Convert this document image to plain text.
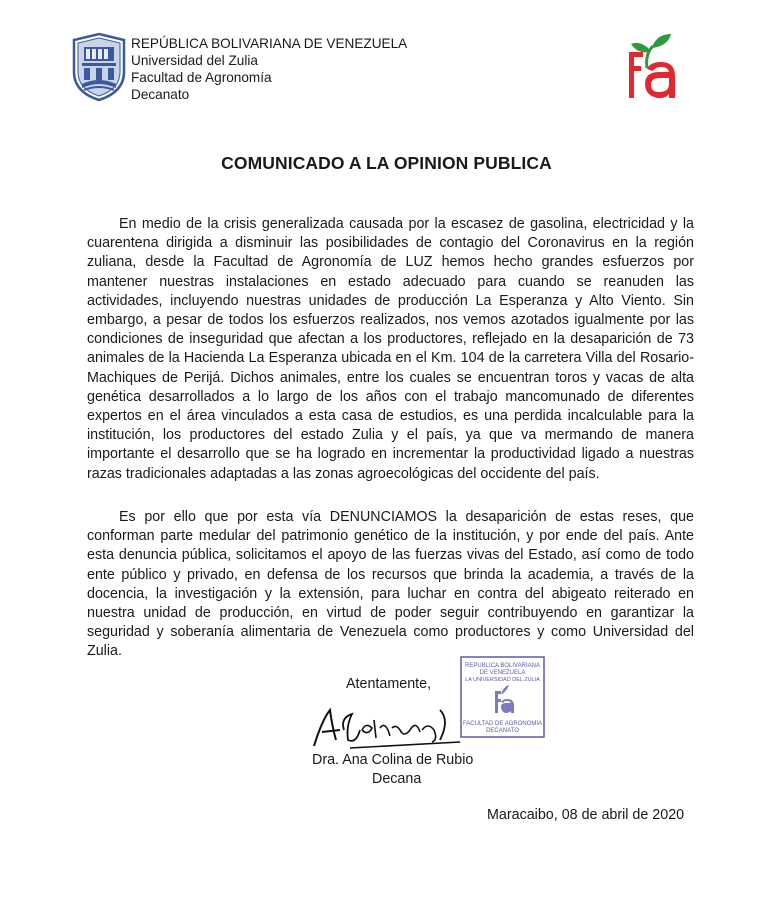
REPÚBLICA BOLIVARIANA DE VENEZUELA
Universidad del Zulia
Facultad de Agronomía
Decanato
COMUNICADO A LA OPINION PUBLICA
En medio de la crisis generalizada causada por la escasez de gasolina, electricidad y la cuarentena dirigida a disminuir las posibilidades de contagio del Coronavirus en la región zuliana, desde la Facultad de Agronomía de LUZ hemos hecho grandes esfuerzos por mantener nuestras instalaciones en estado adecuado para cuando se reanuden las actividades, incluyendo nuestras unidades de producción La Esperanza y Alto Viento. Sin embargo, a pesar de todos los esfuerzos realizados, nos vemos azotados igualmente por las condiciones de inseguridad que afectan a los productores, reflejado en la desaparición de 73 animales de la Hacienda La Esperanza ubicada en el Km. 104 de la carretera Villa del Rosario-Machiques de Perijá. Dichos animales, entre los cuales se encuentran toros y vacas de alta genética desarrollados a lo largo de los años con el trabajo mancomunado de diferentes expertos en el área vinculados a esta casa de estudios, es una perdida incalculable para la institución, los productores del estado Zulia y el país, ya que va mermando de manera importante el desarrollo que se ha logrado en incrementar la productividad ligado a nuestras razas tradicionales adaptadas a las zonas agroecológicas del occidente del país.
Es por ello que por esta vía DENUNCIAMOS la desaparición de estas reses, que conforman parte medular del patrimonio genético de la institución, y por ende del país. Ante esta denuncia pública, solicitamos el apoyo de las fuerzas vivas del Estado, así como de todo ente público y privado, en defensa de los recursos que brinda la academia, a través de la docencia, la investigación y la extensión, para luchar en contra del abigeato reiterado en nuestra unidad de producción, en virtud de poder seguir contribuyendo en garantizar la seguridad y soberanía alimentaria de Venezuela como productores y como Universidad del Zulia.
Atentamente,
REPUBLICA BOLIVARIANA
DE VENEZUELA
LA UNIVERSIDAD DEL ZULIA
FACULTAD DE AGRONOMIA
DECANATO
Dra. Ana Colina de Rubio
Decana
Maracaibo, 08 de abril de 2020
